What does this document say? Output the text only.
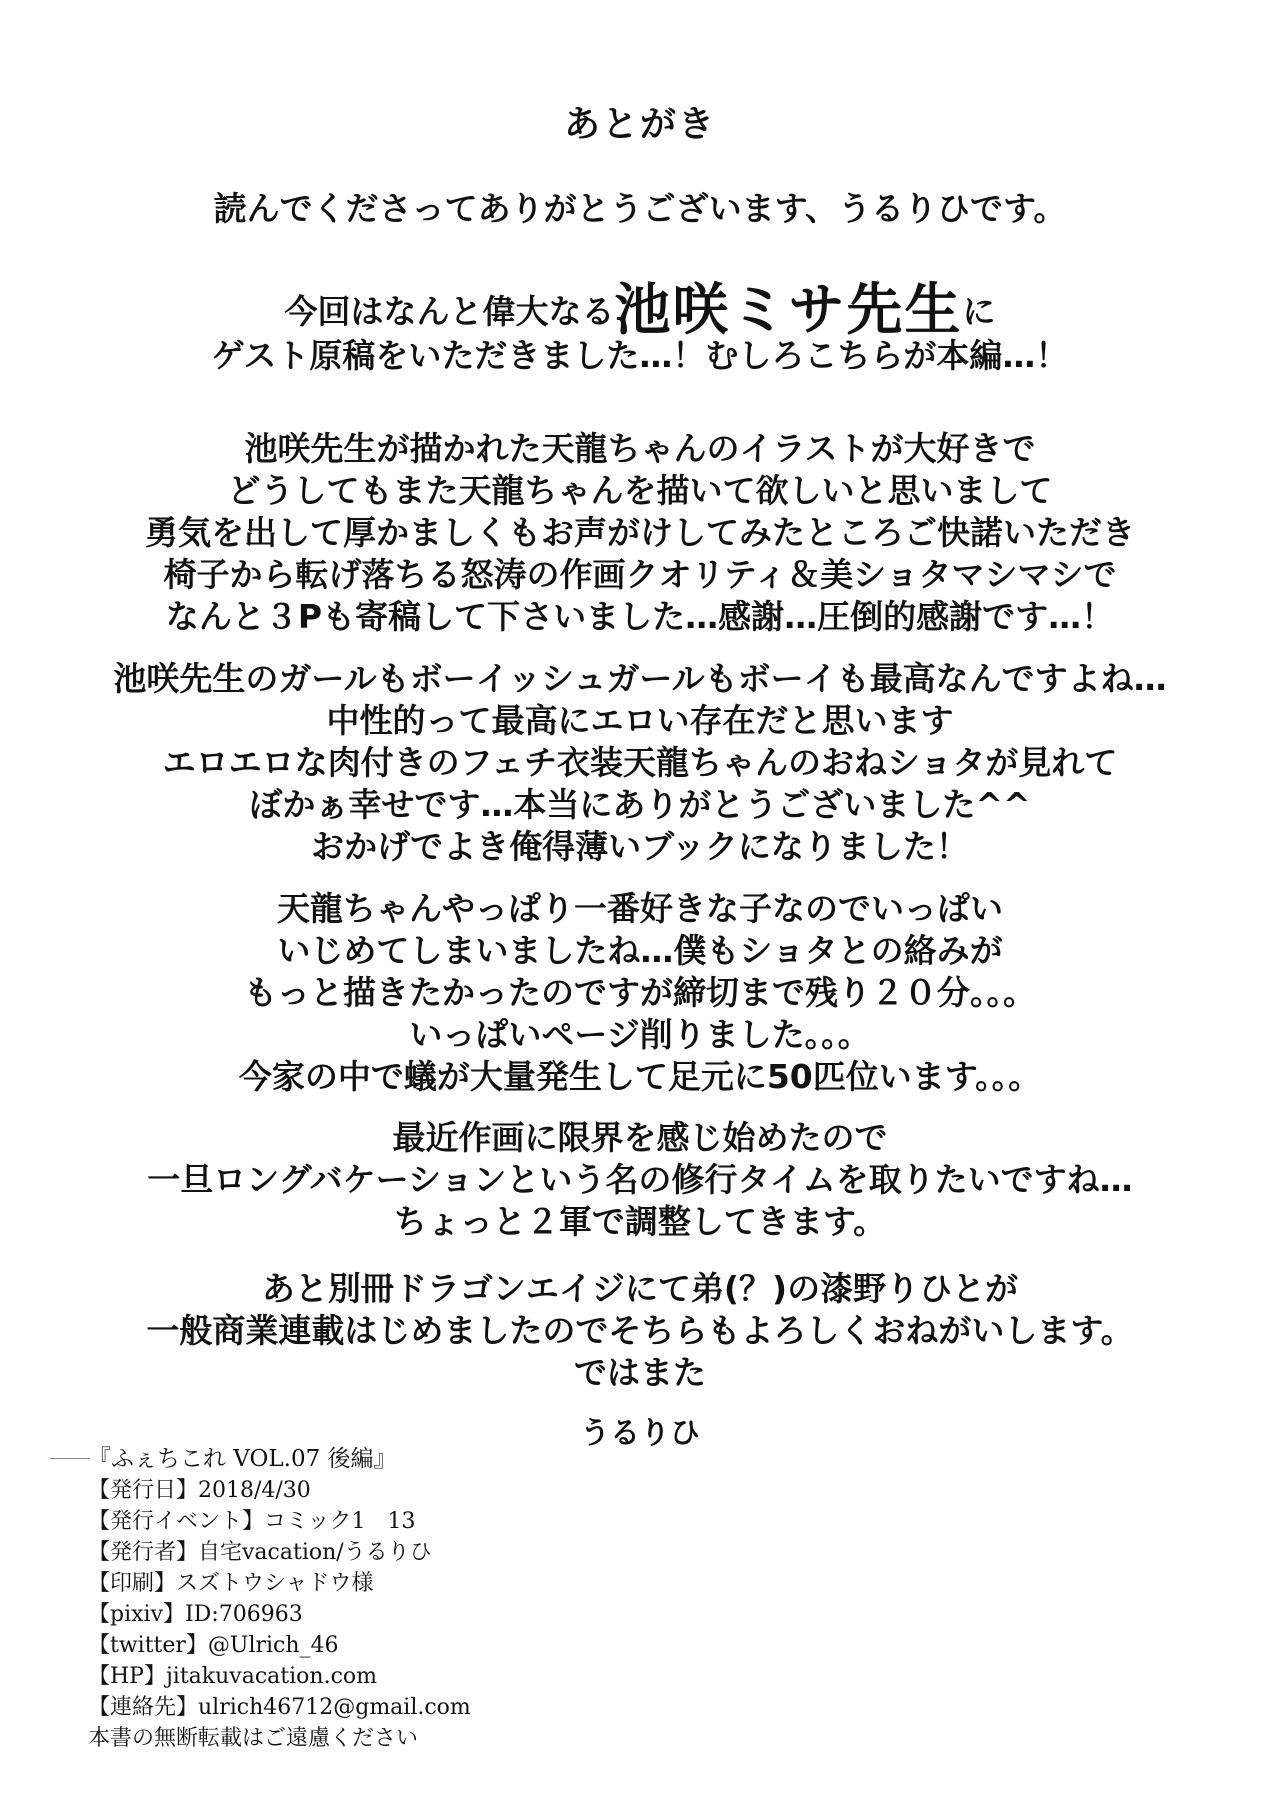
あとがき
読んでくださってありがとうございます、うるりひです。
今回はなんと偉大なる池咲ミサ先生に
ゲスト原稿をいただきました…！むしろこちらが本編…！
池咲先生が描かれた天龍ちゃんのイラストが大好きで
どうしてもまた天龍ちゃんを描いて欲しいと思いまして
勇気を出して厚かましくもお声がけしてみたところご快諾いただき
椅子から転げ落ちる怒涛の作画クオリティ＆美ショタマシマシで
なんと３Pも寄稿して下さいました…感謝…圧倒的感謝です…！
池咲先生のガールもボーイッシュガールもボーイも最高なんですよね…
中性的って最高にエロい存在だと思います
エロエロな肉付きのフェチ衣装天龍ちゃんのおねショタが見れて
ぼかぁ幸せです…本当にありがとうございました^^
おかげでよき俺得薄いブックになりました！
天龍ちゃんやっぱり一番好きな子なのでいっぱい
いじめてしまいましたね…僕もショタとの絡みが
もっと描きたかったのですが締切まで残り２０分。。。
いっぱいページ削りました。。。
今家の中で蟻が大量発生して足元に50匹位います。。。
最近作画に限界を感じ始めたので
一旦ロングバケーションという名の修行タイムを取りたいですね…
ちょっと２軍で調整してきます。
あと別冊ドラゴンエイジにて弟(？)の漆野りひとが
一般商業連載はじめましたのでそちらもよろしくおねがいします。
ではまた
うるりひ
『ふぇちこれ VOL.07 後編』
【発行日】2018/4/30
【発行イベント】コミック1　13
【発行者】自宅vacation/うるりひ
【印刷】スズトウシャドウ様
【pixiv】ID:706963
【twitter】@Ulrich_46
【HP】jitakuvacation.com
【連絡先】ulrich46712@gmail.com
本書の無断転載はご遠慮ください
